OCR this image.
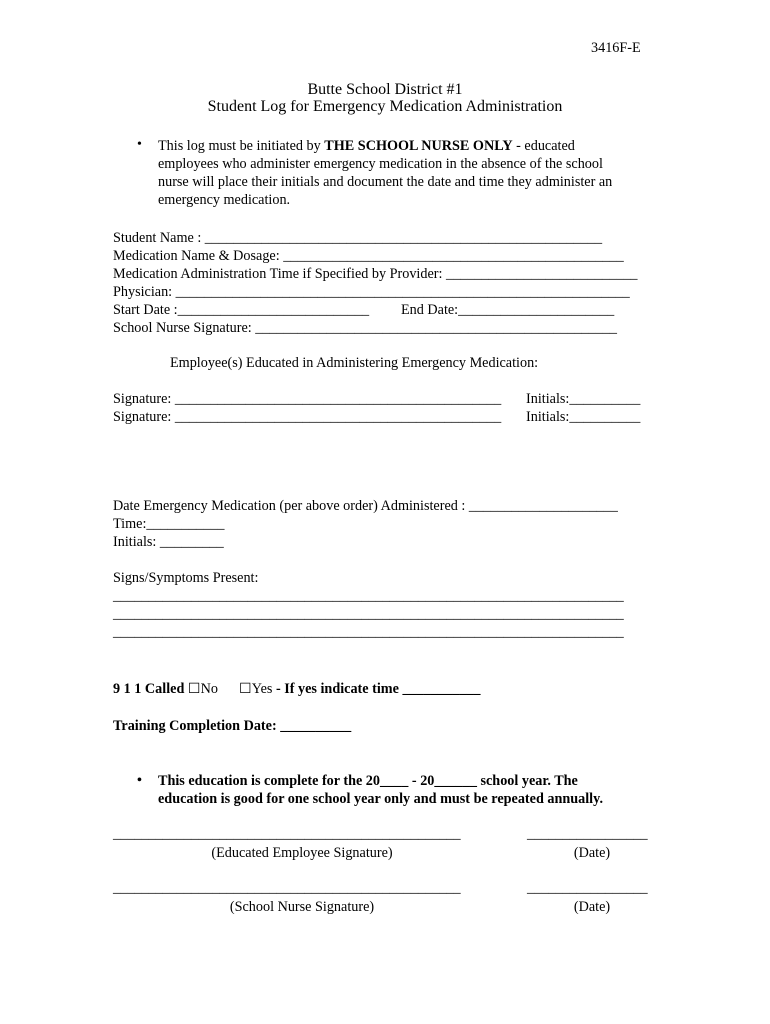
3416F-E
Butte School District #1
Student Log for Emergency Medication Administration
• This log must be initiated by THE SCHOOL NURSE ONLY - educated
employees who administer emergency medication in the absence of the school
nurse will place their initials and document the date and time they administer an
emergency medication.
Student Name : ________________________________________________________
Medication Name & Dosage: ________________________________________________
Medication Administration Time if Specified by Provider: ___________________________
Physician: ________________________________________________________________
Start Date :___________________________ End Date:______________________
School Nurse Signature: ___________________________________________________
Employee(s) Educated in Administering Emergency Medication:
Signature: ______________________________________________ Initials:__________
Signature: ______________________________________________ Initials:__________
Date Emergency Medication (per above order) Administered : _____________________
Time:___________
Initials: _________
Signs/Symptoms Present:
________________________________________________________________________
________________________________________________________________________
________________________________________________________________________
9 1 1 Called ☐No ☐Yes - If yes indicate time ___________
Training Completion Date: __________
• This education is complete for the 20____ - 20______ school year. The
education is good for one school year only and must be repeated annually.
_________________________________________________	_________________
(Educated Employee Signature)	(Date)
_________________________________________________	_________________
(School Nurse Signature)	(Date)
